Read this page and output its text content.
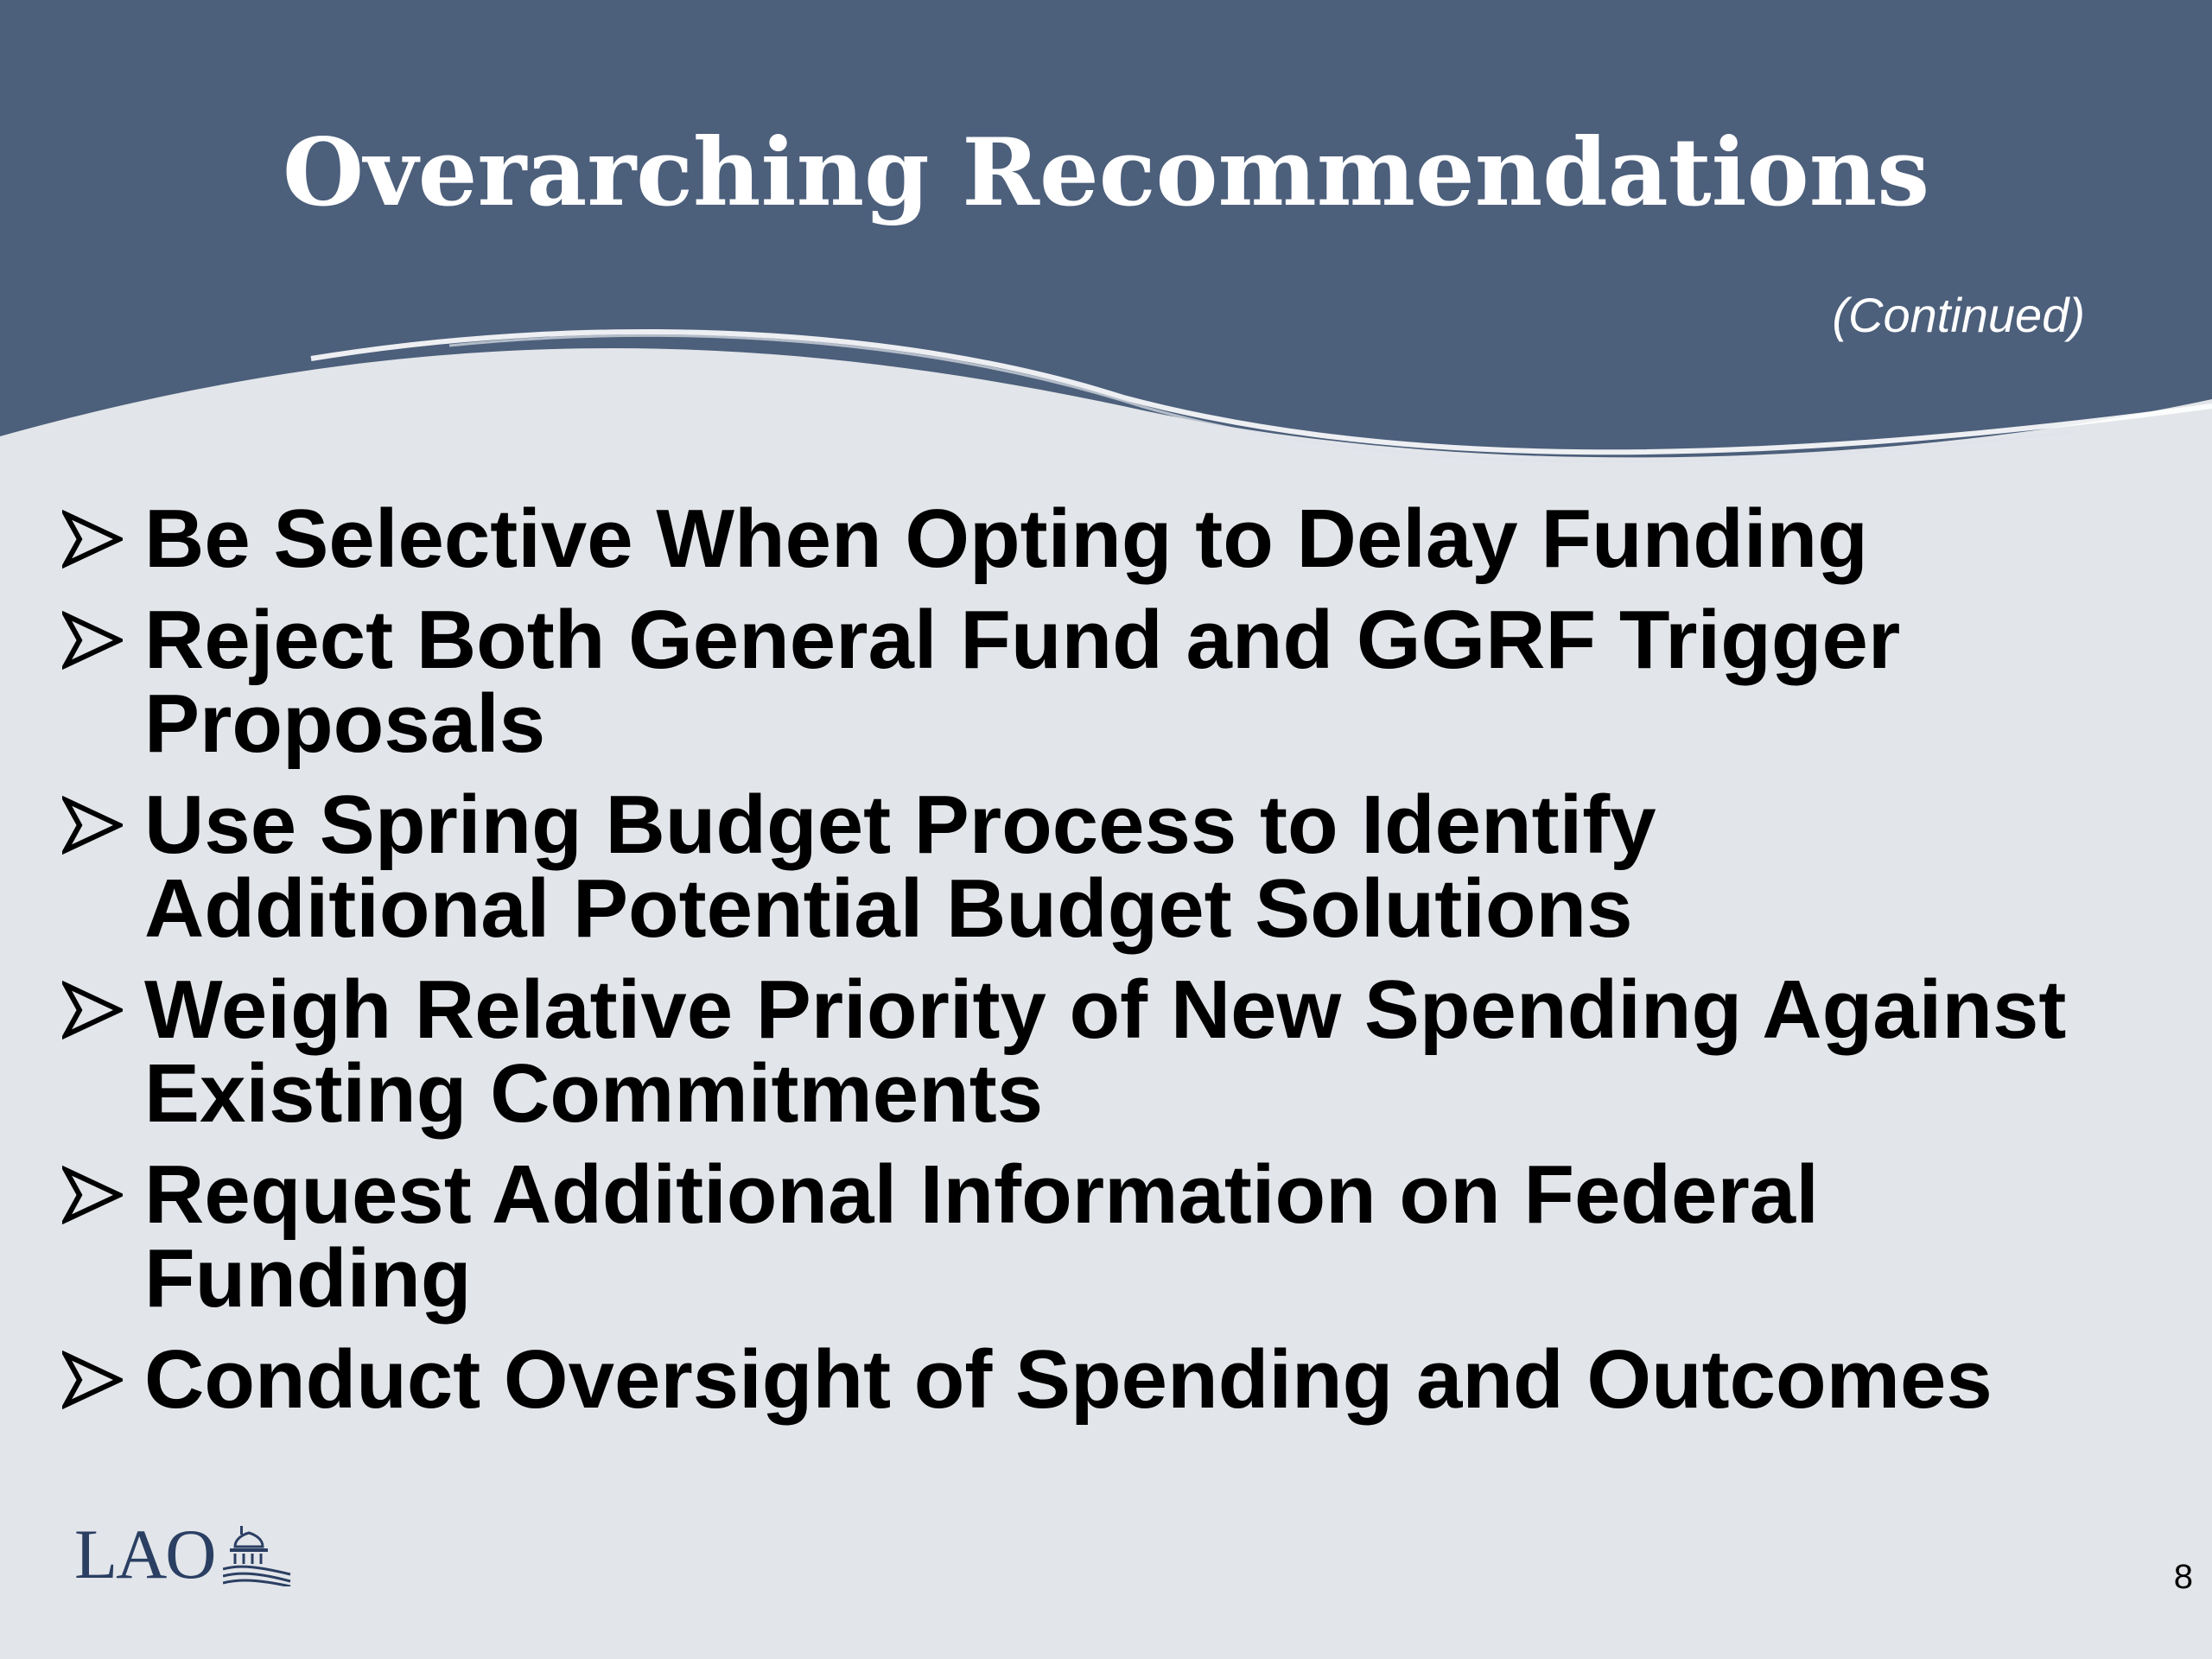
Overarching Recommendations
(Continued)
Be Selective When Opting to Delay Funding
Reject Both General Fund and GGRF Trigger
Proposals
Use Spring Budget Process to Identify
Additional Potential Budget Solutions
Weigh Relative Priority of New Spending Against
Existing Commitments
Request Additional Information on Federal
Funding
Conduct Oversight of Spending and Outcomes
LAO	8
